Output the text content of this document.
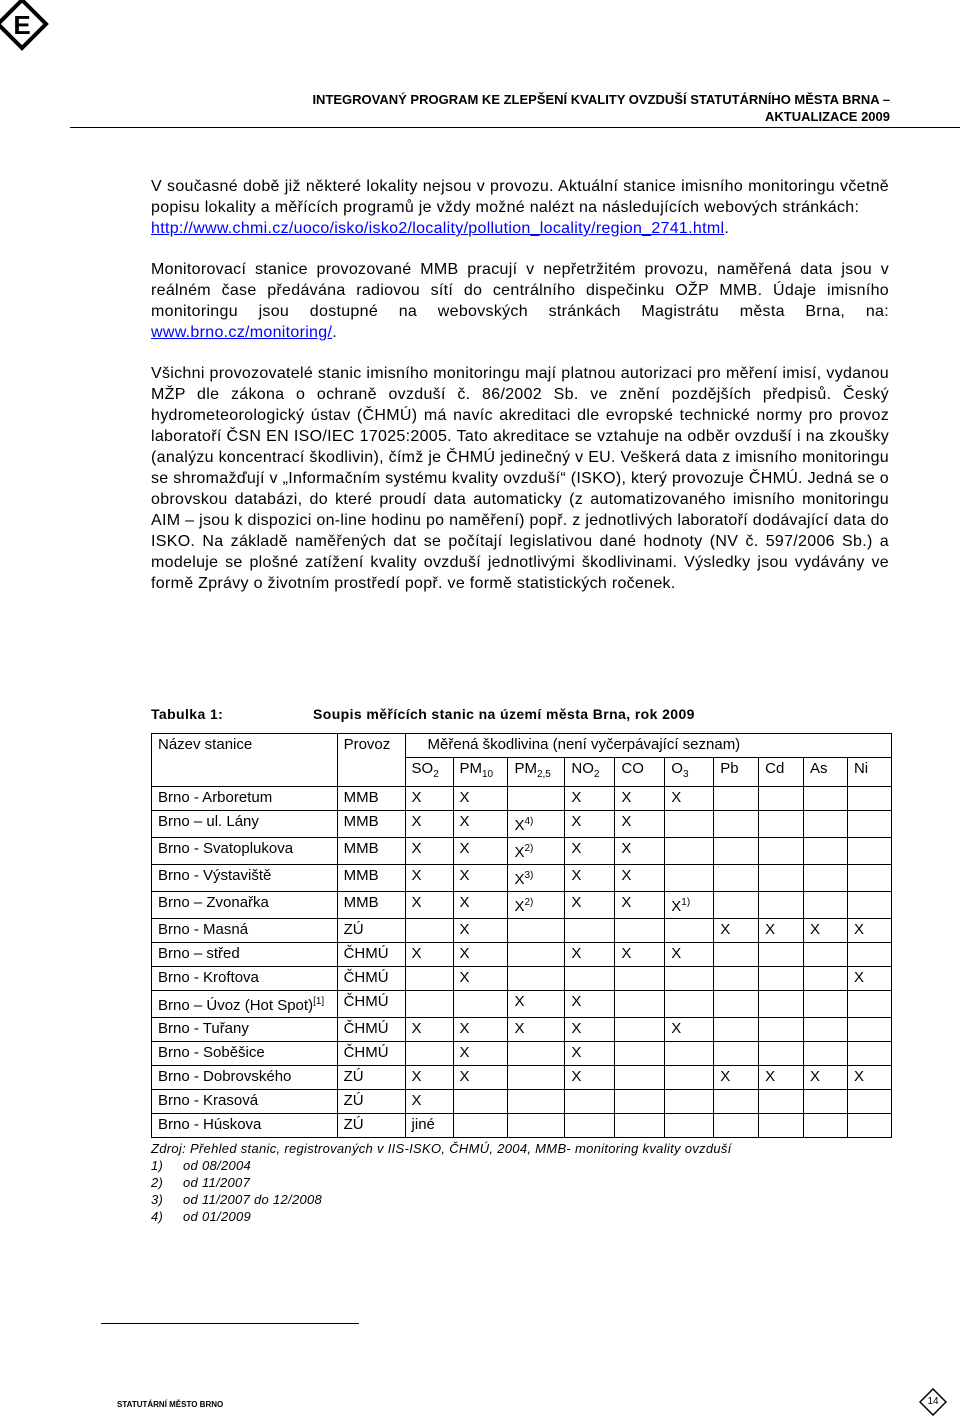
E
INTEGROVANÝ PROGRAM KE ZLEPŠENÍ KVALITY OVZDUŠÍ STATUTÁRNÍHO MĚSTA BRNA –
AKTUALIZACE 2009

V současné době již některé lokality nejsou v provozu. Aktuální stanice imisního monitoringu včetně popisu lokality a měřících programů je vždy možné nalézt na následujících webových stránkách:
http://www.chmi.cz/uoco/isko/isko2/locality/pollution_locality/region_2741.html.

Monitorovací stanice provozované MMB pracují v nepřetržitém provozu, naměřená data jsou v reálném čase předávána radiovou sítí do centrálního dispečinku OŽP MMB. Údaje imisního monitoringu jsou dostupné na webovských stránkách Magistrátu města Brna, na: www.brno.cz/monitoring/.

Všichni provozovatelé stanic imisního monitoringu mají platnou autorizaci pro měření imisí, vydanou MŽP dle zákona o ochraně ovzduší č. 86/2002 Sb. ve znění pozdějších předpisů. Český hydrometeorologický ústav (ČHMÚ) má navíc akreditaci dle evropské technické normy pro provoz laboratoří ČSN EN ISO/IEC 17025:2005. Tato akreditace se vztahuje na odběr ovzduší i na zkoušky (analýzu koncentrací škodlivin), čímž je ČHMÚ jedinečný v EU. Veškerá data z imisního monitoringu se shromažďují v „Informačním systému kvality ovzduší“ (ISKO), který provozuje ČHMÚ. Jedná se o obrovskou databázi, do které proudí data automaticky (z automatizovaného imisního monitoringu AIM – jsou k dispozici on-line hodinu po naměření) popř. z jednotlivých laboratoří dodávající data do ISKO. Na základě naměřených dat se počítají legislativou dané hodnoty (NV č. 597/2006 Sb.) a modeluje se plošné zatížení kvality ovzduší jednotlivými škodlivinami. Výsledky jsou vydávány ve formě Zprávy o životním prostředí popř. ve formě statistických ročenek.

Tabulka 1:	Soupis měřících stanic na území města Brna, rok 2009
Název stanice	Provoz	Měřená škodlivina (není vyčerpávající seznam)									
		$SO_2$	$PM_{10}$	$PM_{2,5}$	$NO_2$	CO	$O_3$	Pb	Cd	As	Ni
Brno - Arboretum	MMB	X	X		X	X	X				
Brno – ul. Lány	MMB	X	X	$X^{4)}$	X	X					
Brno - Svatoplukova	MMB	X	X	$X^{2)}$	X	X					
Brno - Výstaviště	MMB	X	X	$X^{3)}$	X	X					
Brno – Zvonařka	MMB	X	X	$X^{2)}$	X	X	$X^{1)}$				
Brno - Masná	ZÚ		X					X	X	X	X
Brno – střed	ČHMÚ	X	X		X	X	X				
Brno - Kroftova	ČHMÚ		X								X
Brno – Úvoz (Hot Spot)[1]	ČHMÚ			X	X						
Brno - Tuřany	ČHMÚ	X	X	X	X		X				
Brno - Soběšice	ČHMÚ		X		X						
Brno - Dobrovského	ZÚ	X	X		X			X	X	X	X
Brno - Krasová	ZÚ	X									
Brno - Húskova	ZÚ	jiné									
Zdroj: Přehled stanic, registrovaných v IIS-ISKO, ČHMÚ, 2004, MMB- monitoring kvality ovzduší
1) od 08/2004
2) od 11/2007
3) od 11/2007 do 12/2008
4) od 01/2009
STATUTÁRNÍ MĚSTO BRNO	14
